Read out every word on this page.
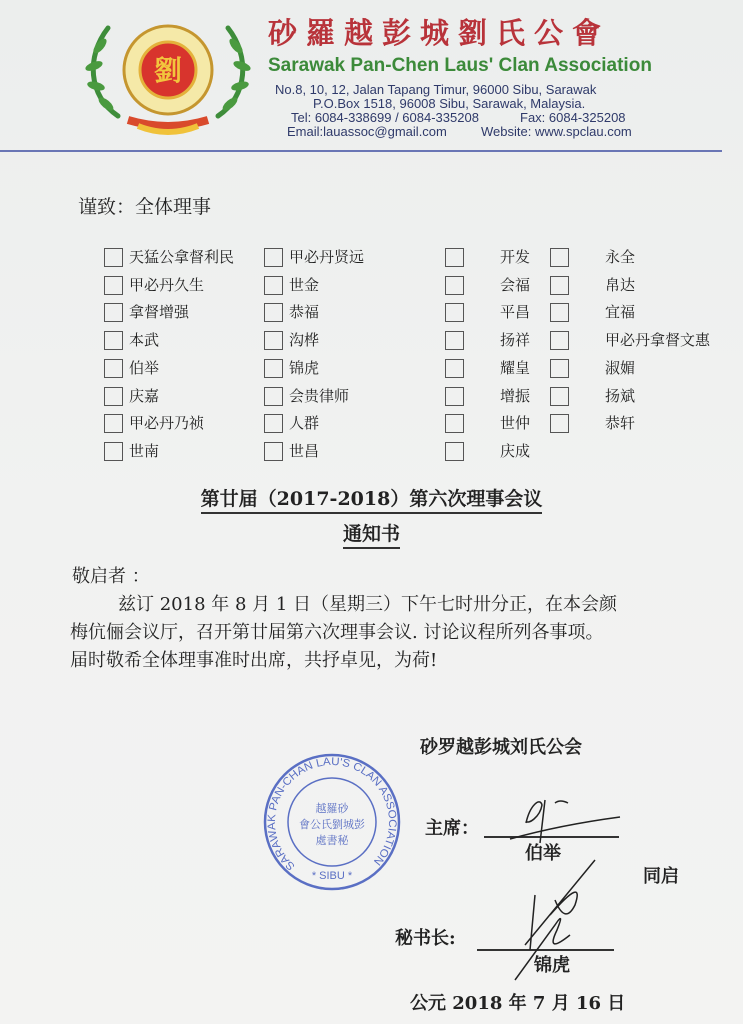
劉
砂羅越彭城劉氏公會
Sarawak Pan-Chen Laus' Clan Association
No.8, 10, 12, Jalan Tapang Timur, 96000 Sibu, Sarawak
P.O.Box 1518, 96008 Sibu, Sarawak, Malaysia.
Tel: 6084-338699 / 6084-335208	Fax: 6084-325208
Email:lauassoc@gmail.com	Website: www.spclau.com
谨致：全体理事
天猛公拿督利民
甲必丹久生
拿督增强
本武
伯举
庆嘉
甲必丹乃祯
世南
甲必丹贤远
世金
恭福
沟桦
锦虎
会贵律师
人群
世昌
开发
会福
平昌
扬祥
耀皇
增振
世仲
庆成
永全
帛达
宜福
甲必丹拿督文惠
淑媚
扬斌
恭轩
第廿届（2017-2018）第六次理事会议
通知书
敬启者 ：
兹订 2018 年 8 月 1 日（星期三）下午七时卅分正，在本会颜
梅伉俪会议厅，召开第廿届第六次理事会议. 讨论议程所列各事项。
届时敬希全体理事准时出席，共抒卓见，为荷!
砂罗越彭城刘氏公会
SARAWAK PAN-CHAN LAU'S CLAN ASSOCIATION
* SIBU *
越羅砂
會公氏劉城彭
處書秘
主席：
伯举
同启
秘书长:
锦虎
公元 2018 年 7 月 16 日
